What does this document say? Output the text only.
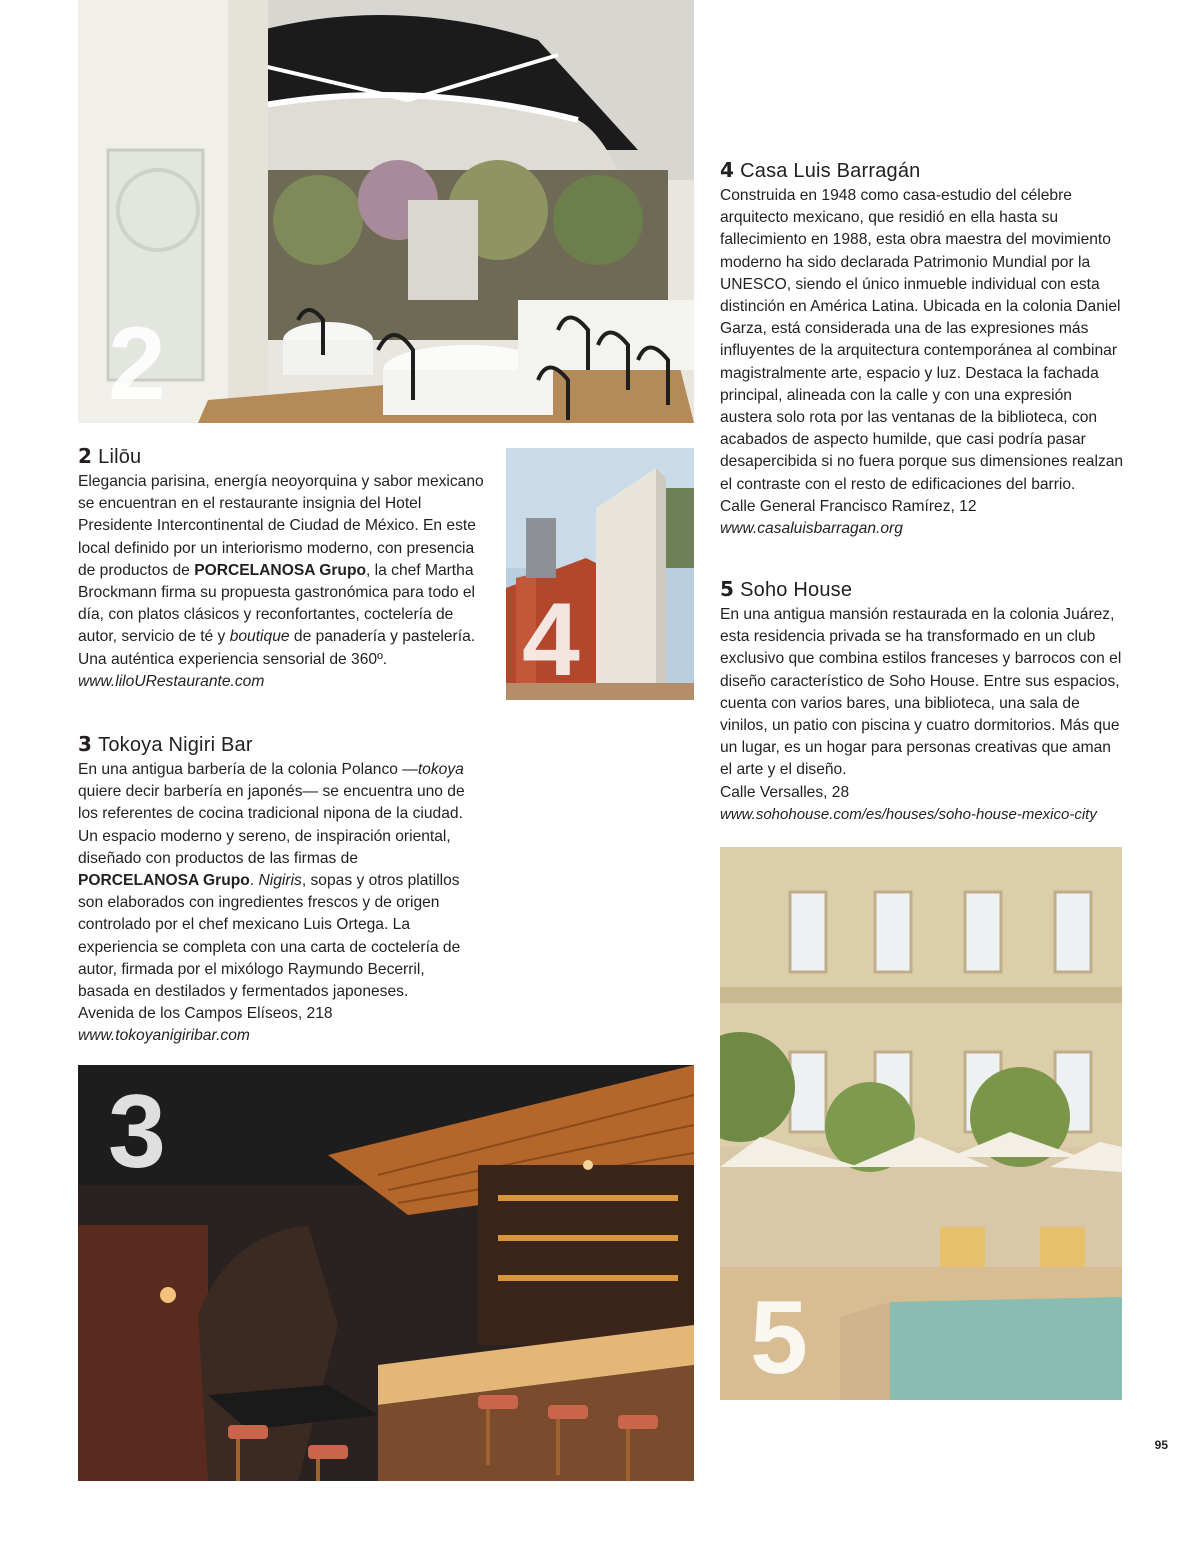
2
4
3
5
2 Lilōu

Elegancia parisina, energía neoyorquina y sabor mexicano se encuentran en el restaurante insignia del Hotel Presidente Intercontinental de Ciudad de México. En este local definido por un interiorismo moderno, con presencia de productos de PORCELANOSA Grupo, la chef Martha Brockmann firma su propuesta gastronómica para todo el día, con platos clásicos y reconfortantes, coctelería de autor, servicio de té y boutique de panadería y pastelería. Una auténtica experiencia sensorial de 360º.

www.liloURestaurante.com

3 Tokoya Nigiri Bar

En una antigua barbería de la colonia Polanco —tokoya quiere decir barbería en japonés— se encuentra uno de los referentes de cocina tradicional nipona de la ciudad. Un espacio moderno y sereno, de inspiración oriental, diseñado con productos de las firmas de PORCELANOSA Grupo. Nigiris, sopas y otros platillos son elaborados con ingredientes frescos y de origen controlado por el chef mexicano Luis Ortega. La experiencia se completa con una carta de coctelería de autor, firmada por el mixólogo Raymundo Becerril, basada en destilados y fermentados japoneses.

Avenida de los Campos Elíseos, 218

www.tokoyanigiribar.com

4 Casa Luis Barragán

Construida en 1948 como casa-estudio del célebre arquitecto mexicano, que residió en ella hasta su fallecimiento en 1988, esta obra maestra del movimiento moderno ha sido declarada Patrimonio Mundial por la UNESCO, siendo el único inmueble individual con esta distinción en América Latina. Ubicada en la colonia Daniel Garza, está considerada una de las expresiones más influyentes de la arquitectura contemporánea al combinar magistralmente arte, espacio y luz. Destaca la fachada principal, alineada con la calle y con una expresión austera solo rota por las ventanas de la biblioteca, con acabados de aspecto humilde, que casi podría pasar desapercibida si no fuera porque sus dimensiones realzan el contraste con el resto de edificaciones del barrio.

Calle General Francisco Ramírez, 12

www.casaluisbarragan.org

5 Soho House

En una antigua mansión restaurada en la colonia Juárez, esta residencia privada se ha transformado en un club exclusivo que combina estilos franceses y barrocos con el diseño característico de Soho House. Entre sus espacios, cuenta con varios bares, una biblioteca, una sala de vinilos, un patio con piscina y cuatro dormitorios. Más que un lugar, es un hogar para personas creativas que aman el arte y el diseño.

Calle Versalles, 28

www.sohohouse.com/es/houses/soho-house-mexico-city

95
